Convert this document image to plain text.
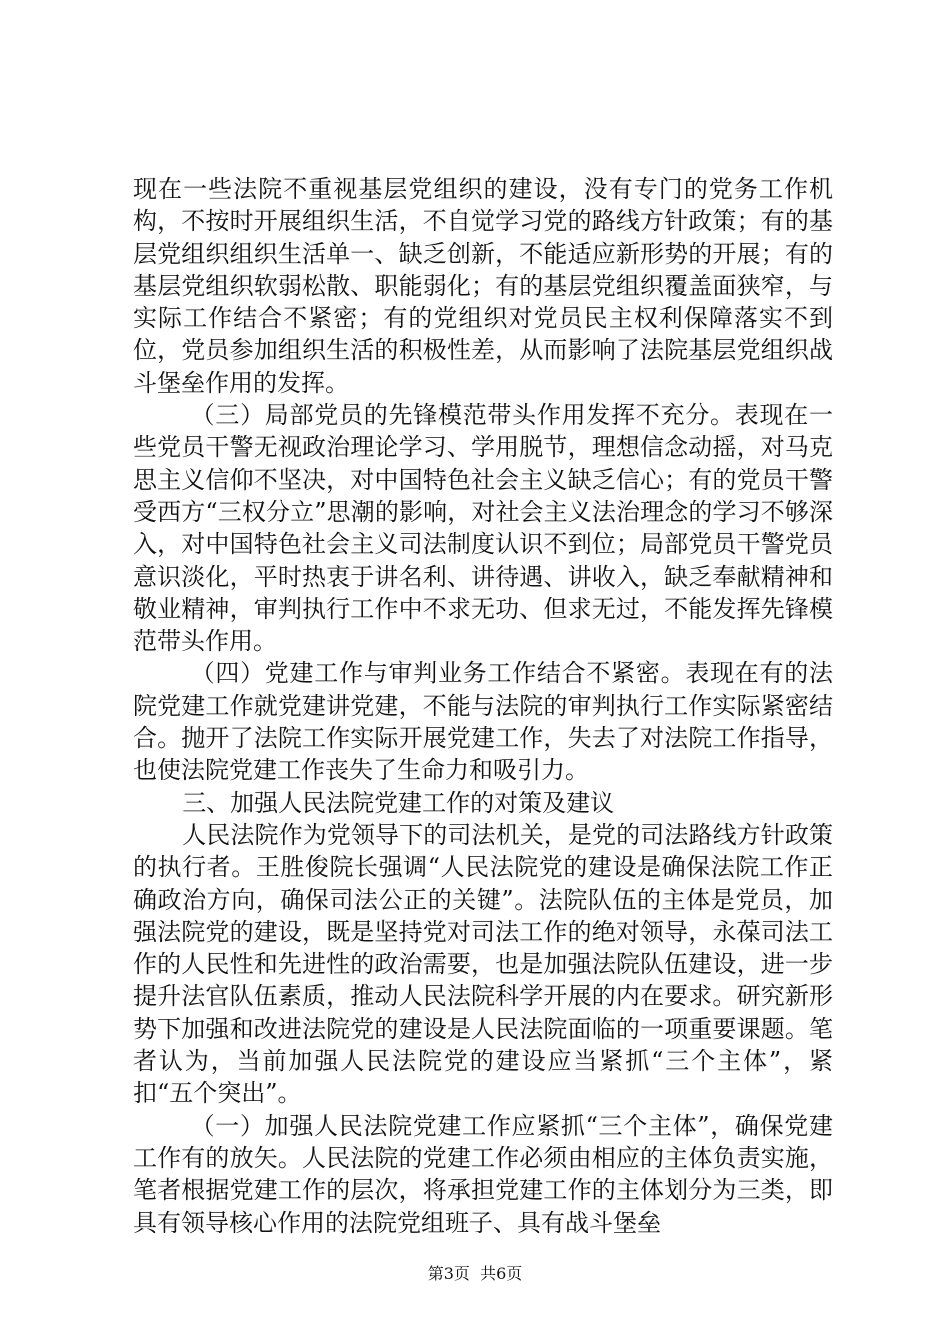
现在一些法院不重视基层党组织的建设，没有专门的党务工作机构，不按时开展组织生活，不自觉学习党的路线方针政策；有的基层党组织组织生活单一、缺乏创新，不能适应新形势的开展；有的基层党组织软弱松散、职能弱化；有的基层党组织覆盖面狭窄，与实际工作结合不紧密；有的党组织对党员民主权利保障落实不到位，党员参加组织生活的积极性差，从而影响了法院基层党组织战斗堡垒作用的发挥。

（三）局部党员的先锋模范带头作用发挥不充分。表现在一些党员干警无视政治理论学习、学用脱节，理想信念动摇，对马克思主义信仰不坚决，对中国特色社会主义缺乏信心；有的党员干警受西方“三权分立”思潮的影响，对社会主义法治理念的学习不够深入，对中国特色社会主义司法制度认识不到位；局部党员干警党员意识淡化，平时热衷于讲名利、讲待遇、讲收入，缺乏奉献精神和敬业精神，审判执行工作中不求无功、但求无过，不能发挥先锋模范带头作用。

（四）党建工作与审判业务工作结合不紧密。表现在有的法院党建工作就党建讲党建，不能与法院的审判执行工作实际紧密结合。抛开了法院工作实际开展党建工作，失去了对法院工作指导，也使法院党建工作丧失了生命力和吸引力。

三、加强人民法院党建工作的对策及建议

人民法院作为党领导下的司法机关，是党的司法路线方针政策的执行者。王胜俊院长强调“人民法院党的建设是确保法院工作正确政治方向，确保司法公正的关键”。法院队伍的主体是党员，加强法院党的建设，既是坚持党对司法工作的绝对领导，永葆司法工作的人民性和先进性的政治需要，也是加强法院队伍建设，进一步提升法官队伍素质，推动人民法院科学开展的内在要求。研究新形势下加强和改进法院党的建设是人民法院面临的一项重要课题。笔者认为，当前加强人民法院党的建设应当紧抓“三个主体”，紧扣“五个突出”。

（一）加强人民法院党建工作应紧抓“三个主体”，确保党建工作有的放矢。人民法院的党建工作必须由相应的主体负责实施，笔者根据党建工作的层次，将承担党建工作的主体划分为三类，即具有领导核心作用的法院党组班子、具有战斗堡垒

第3页  共6页
